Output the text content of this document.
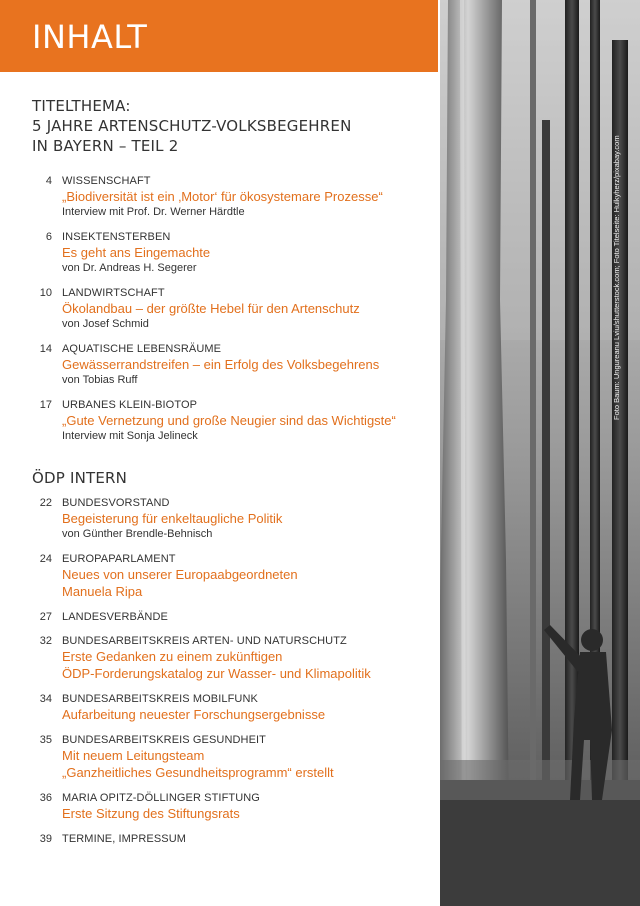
INHALT
Foto Baum: Ungureanu Lviu/shutterstock.com; Foto Titelseite: Hulkyherz/pixabay.com
TITELTHEMA:
5 JAHRE ARTENSCHUTZ-VOLKSBEGEHREN
IN BAYERN – TEIL 2
4 WISSENSCHAFT
„Biodiversität ist ein ‚Motor‘ für ökosystemare Prozesse“
Interview mit Prof. Dr. Werner Härdtle
6 INSEKTENSTERBEN
Es geht ans Eingemachte
von Dr. Andreas H. Segerer
10 LANDWIRTSCHAFT
Ökolandbau – der größte Hebel für den Artenschutz
von Josef Schmid
14 AQUATISCHE LEBENSRÄUME
Gewässerrandstreifen – ein Erfolg des Volksbegehrens
von Tobias Ruff
17 URBANES KLEIN-BIOTOP
„Gute Vernetzung und große Neugier sind das Wichtigste“
Interview mit Sonja Jelineck
ÖDP INTERN
22 BUNDESVORSTAND
Begeisterung für enkeltaugliche Politik
von Günther Brendle-Behnisch
24 EUROPAPARLAMENT
Neues von unserer Europaabgeordneten
Manuela Ripa
27 LANDESVERBÄNDE
32 BUNDESARBEITSKREIS ARTEN- UND NATURSCHUTZ
Erste Gedanken zu einem zukünftigen
ÖDP-Forderungskatalog zur Wasser- und Klimapolitik
34 BUNDESARBEITSKREIS MOBILFUNK
Aufarbeitung neuester Forschungsergebnisse
35 BUNDESARBEITSKREIS GESUNDHEIT
Mit neuem Leitungsteam
„Ganzheitliches Gesundheitsprogramm“ erstellt
36 MARIA OPITZ-DÖLLINGER STIFTUNG
Erste Sitzung des Stiftungsrats
39 TERMINE, IMPRESSUM
